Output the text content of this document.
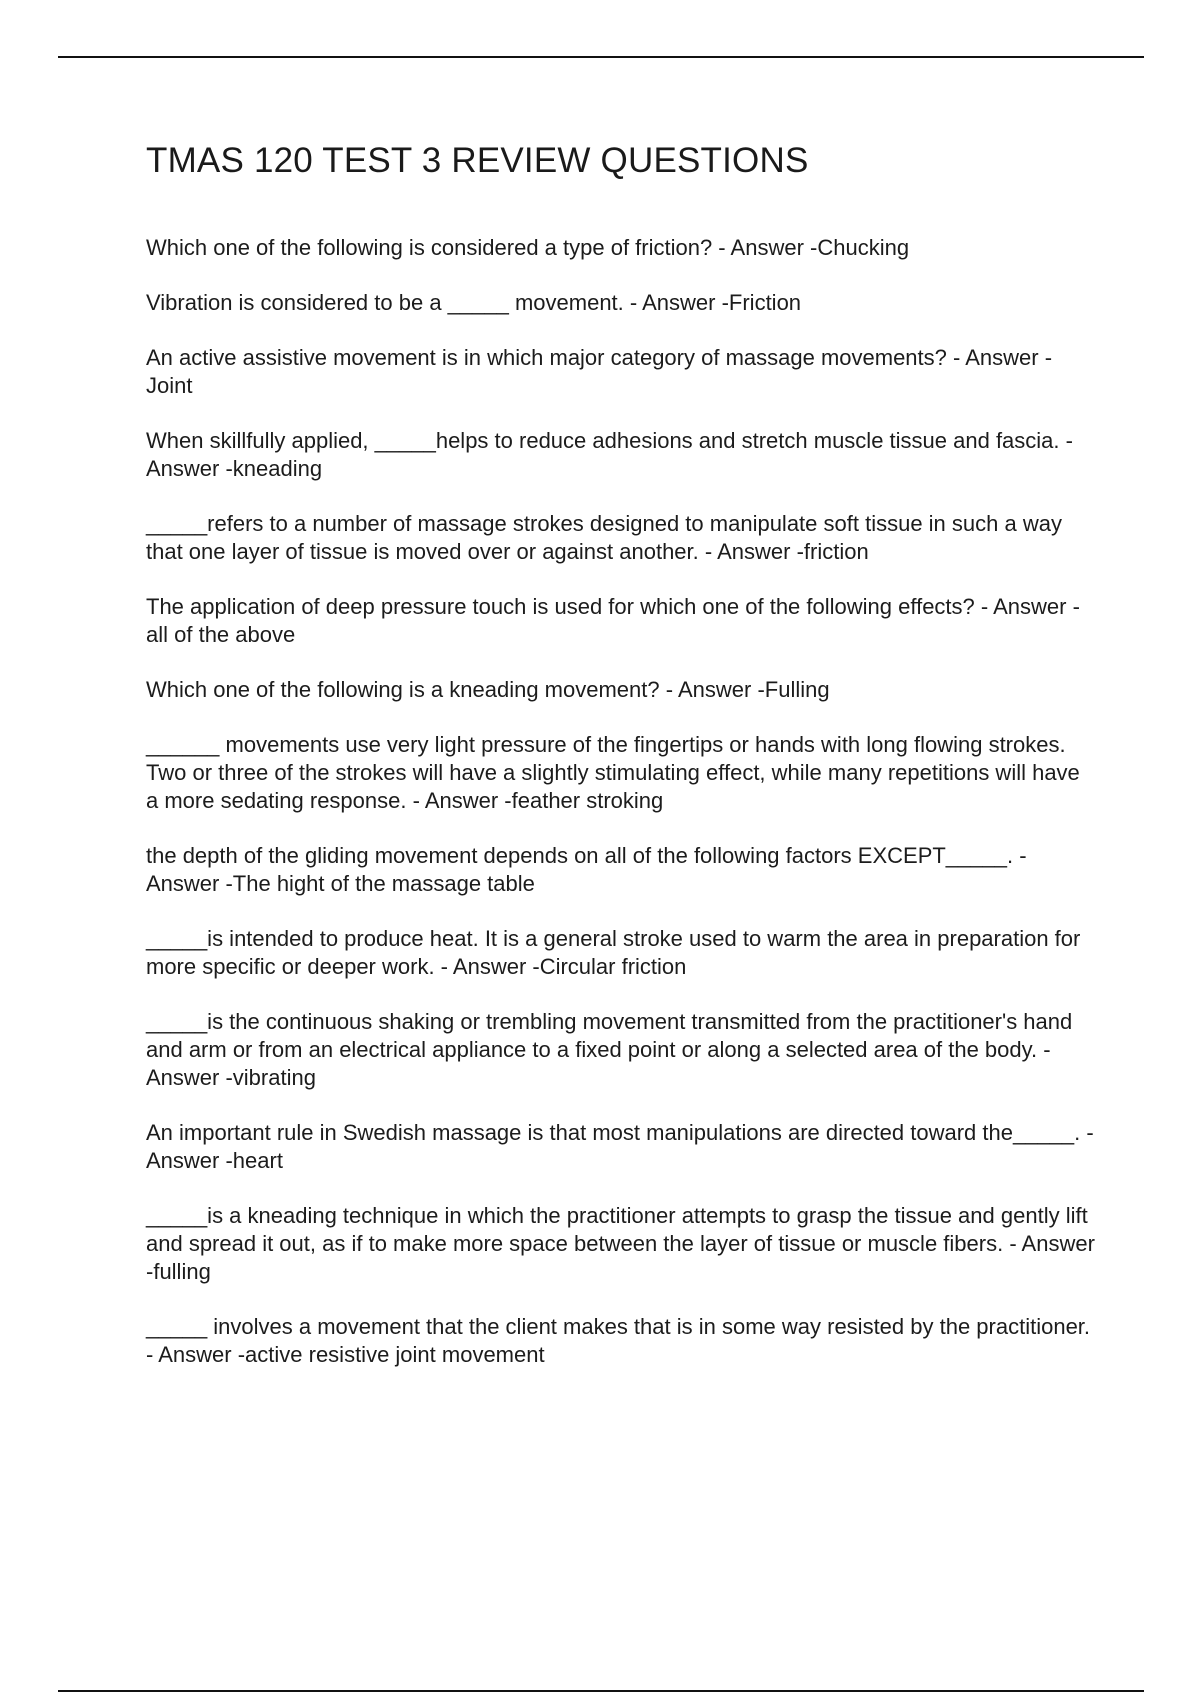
TMAS 120 TEST 3 REVIEW QUESTIONS
Which one of the following is considered a type of friction? - Answer -Chucking
Vibration is considered to be a _____ movement. - Answer -Friction
An active assistive movement is in which major category of massage movements? - Answer -Joint
When skillfully applied, _____helps to reduce adhesions and stretch muscle tissue and fascia. - Answer -kneading
_____refers to a number of massage strokes designed to manipulate soft tissue in such a way that one layer of tissue is moved over or against another. - Answer -friction
The application of deep pressure touch is used for which one of the following effects? - Answer -all of the above
Which one of the following is a kneading movement? - Answer -Fulling
______ movements use very light pressure of the fingertips or hands with long flowing strokes. Two or three of the strokes will have a slightly stimulating effect, while many repetitions will have a more sedating response. - Answer -feather stroking
the depth of the gliding movement depends on all of the following factors EXCEPT_____. - Answer -The hight of the massage table
_____is intended to produce heat. It is a general stroke used to warm the area in preparation for more specific or deeper work. - Answer -Circular friction
_____is the continuous shaking or trembling movement transmitted from the practitioner's hand and arm or from an electrical appliance to a fixed point or along a selected area of the body. - Answer -vibrating
An important rule in Swedish massage is that most manipulations are directed toward the_____. - Answer -heart
_____is a kneading technique in which the practitioner attempts to grasp the tissue and gently lift and spread it out, as if to make more space between the layer of tissue or muscle fibers. - Answer -fulling
_____ involves a movement that the client makes that is in some way resisted by the practitioner. - Answer -active resistive joint movement
